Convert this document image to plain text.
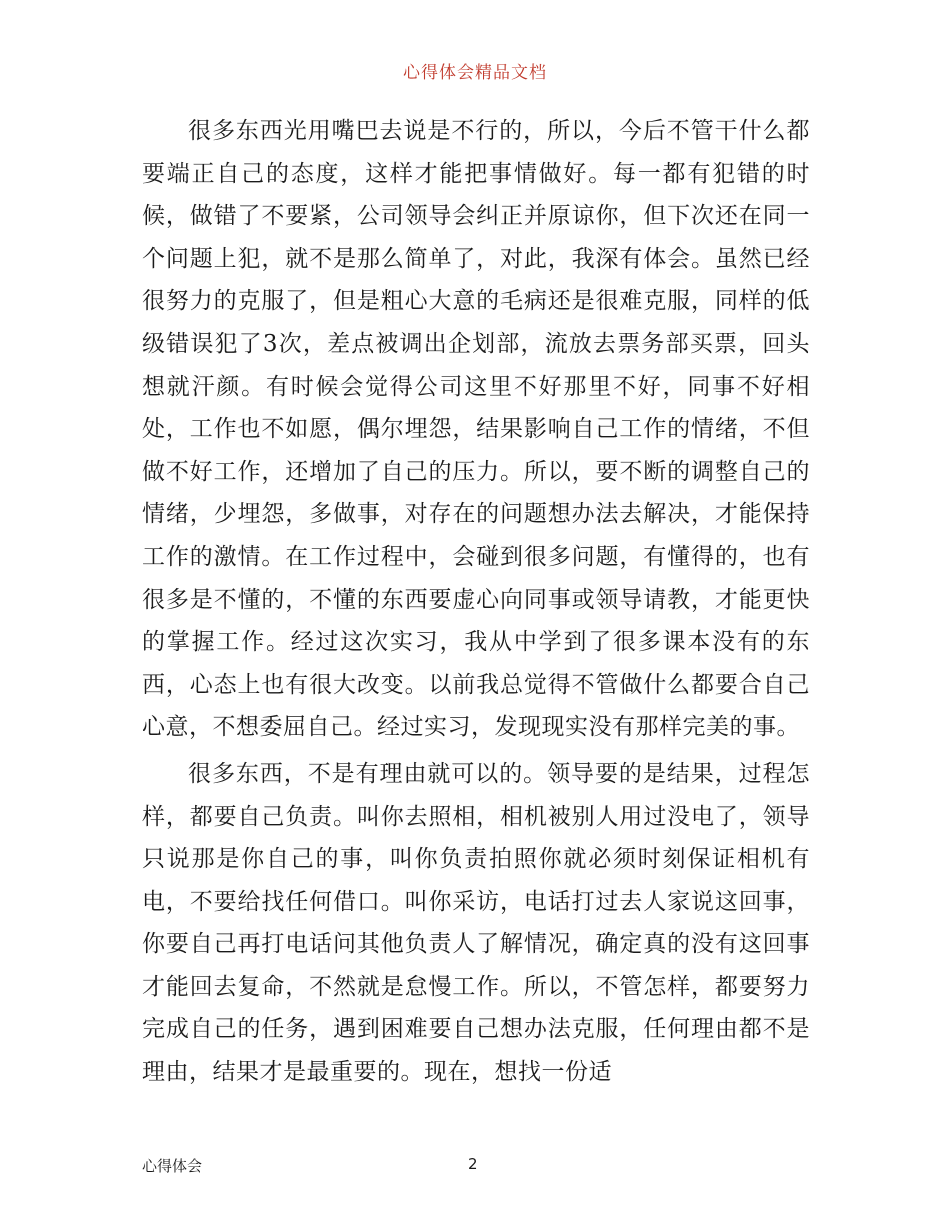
心得体会精品文档

很多东西光用嘴巴去说是不行的，所以，今后不管干什么都要端正自己的态度，这样才能把事情做好。每一都有犯错的时候，做错了不要紧，公司领导会纠正并原谅你，但下次还在同一个问题上犯，就不是那么简单了，对此，我深有体会。虽然已经很努力的克服了，但是粗心大意的毛病还是很难克服，同样的低级错误犯了3次，差点被调出企划部，流放去票务部买票，回头想就汗颜。有时候会觉得公司这里不好那里不好，同事不好相处，工作也不如愿，偶尔埋怨，结果影响自己工作的情绪，不但做不好工作，还增加了自己的压力。所以，要不断的调整自己的情绪，少埋怨，多做事，对存在的问题想办法去解决，才能保持工作的激情。在工作过程中，会碰到很多问题，有懂得的，也有很多是不懂的，不懂的东西要虚心向同事或领导请教，才能更快的掌握工作。经过这次实习，我从中学到了很多课本没有的东西，心态上也有很大改变。以前我总觉得不管做什么都要合自己心意，不想委屈自己。经过实习，发现现实没有那样完美的事。

很多东西，不是有理由就可以的。领导要的是结果，过程怎样，都要自己负责。叫你去照相，相机被别人用过没电了，领导只说那是你自己的事，叫你负责拍照你就必须时刻保证相机有电，不要给找任何借口。叫你采访，电话打过去人家说这回事，你要自己再打电话问其他负责人了解情况，确定真的没有这回事才能回去复命，不然就是怠慢工作。所以，不管怎样，都要努力完成自己的任务，遇到困难要自己想办法克服，任何理由都不是理由，结果才是最重要的。现在，想找一份适

心得体会	2
